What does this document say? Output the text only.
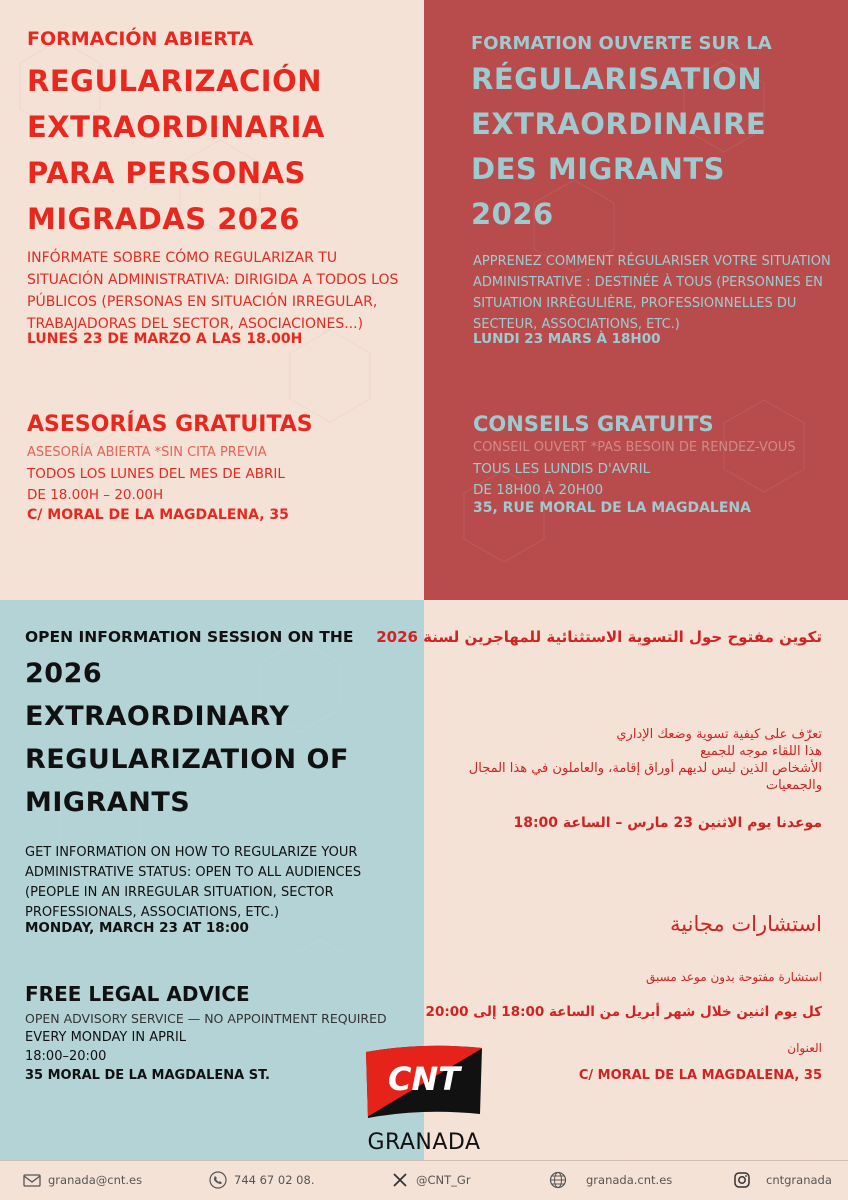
FORMACIÓN ABIERTA

REGULARIZACIÓN
EXTRAORDINARIA
PARA PERSONAS
MIGRADAS 2026
INFÓRMATE SOBRE CÓMO REGULARIZAR TU
SITUACIÓN ADMINISTRATIVA: DIRIGIDA A TODOS LOS
PÚBLICOS (PERSONAS EN SITUACIÓN IRREGULAR,
TRABAJADORAS DEL SECTOR, ASOCIACIONES...)

LUNES 23 DE MARZO A LAS 18.00H

ASESORÍAS GRATUITAS

ASESORÍA ABIERTA *SIN CITA PREVIA

TODOS LOS LUNES DEL MES DE ABRIL

DE 18.00H – 20.00H

C/ MORAL DE LA MAGDALENA, 35

FORMATION OUVERTE SUR LA

RÉGULARISATION
EXTRAORDINAIRE
DES MIGRANTS
2026
APPRENEZ COMMENT RÉGULARISER VOTRE SITUATION
ADMINISTRATIVE : DESTINÉE À TOUS (PERSONNES EN
SITUATION IRRÈGULIÈRE, PROFESSIONNELLES DU
SECTEUR, ASSOCIATIONS, ETC.)

LUNDI 23 MARS À 18H00

CONSEILS GRATUITS

CONSEIL OUVERT *PAS BESOIN DE RENDEZ-VOUS

TOUS LES LUNDIS D'AVRIL

DE 18H00 À 20H00

35, RUE MORAL DE LA MAGDALENA

OPEN INFORMATION SESSION ON THE

2026
EXTRAORDINARY
REGULARIZATION OF
MIGRANTS
GET INFORMATION ON HOW TO REGULARIZE YOUR
ADMINISTRATIVE STATUS: OPEN TO ALL AUDIENCES
(PEOPLE IN AN IRREGULAR SITUATION, SECTOR
PROFESSIONALS, ASSOCIATIONS, ETC.)

MONDAY, MARCH 23 AT 18:00

FREE LEGAL ADVICE

OPEN ADVISORY SERVICE — NO APPOINTMENT REQUIRED

EVERY MONDAY IN APRIL

18:00–20:00

35 MORAL DE LA MAGDALENA ST.

تكوين مفتوح حول التسوية الاستثنائية للمهاجرين لسنة 2026

تعرّف على كيفية تسوية وضعك الإداري
هذا اللقاء موجه للجميع
الأشخاص الذين ليس لديهم أوراق إقامة، والعاملون في هذا المجال
والجمعيات

موعدنا يوم الاثنين 23 مارس – الساعة 18:00

استشارات مجانية

استشارة مفتوحة بدون موعد مسبق

كل يوم اثنين خلال شهر أبريل من الساعة 18:00 إلى 20:00

العنوان

C/ MORAL DE LA MAGDALENA, 35

CNT
GRANADA
granada@cnt.es	744 67 02 08.	@CNT_Gr	granada.cnt.es	cntgranada
